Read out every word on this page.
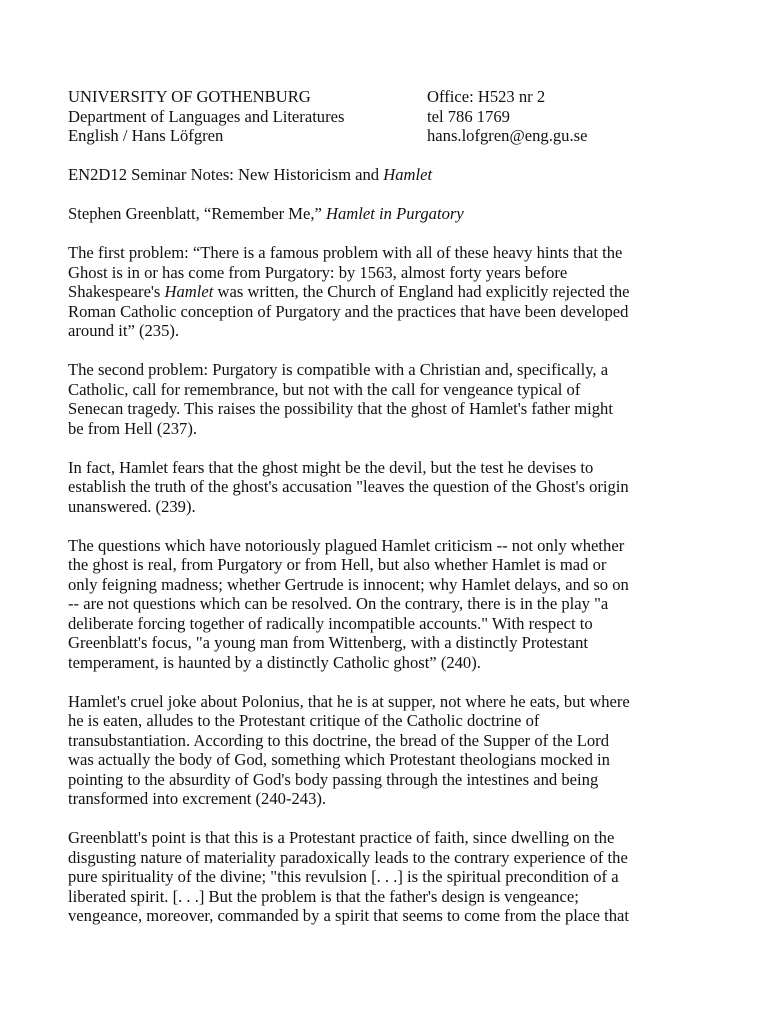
UNIVERSITY OF GOTHENBURG
Department of Languages and Literatures
English / Hans Löfgren
Office: H523 nr 2
tel 786 1769
hans.lofgren@eng.gu.se

EN2D12 Seminar Notes: New Historicism and Hamlet

Stephen Greenblatt, “Remember Me,” Hamlet in Purgatory

The first problem: “There is a famous problem with all of these heavy hints that the
Ghost is in or has come from Purgatory: by 1563, almost forty years before
Shakespeare's Hamlet was written, the Church of England had explicitly rejected the
Roman Catholic conception of Purgatory and the practices that have been developed
around it” (235).

The second problem: Purgatory is compatible with a Christian and, specifically, a
Catholic, call for remembrance, but not with the call for vengeance typical of
Senecan tragedy. This raises the possibility that the ghost of Hamlet's father might
be from Hell (237).

In fact, Hamlet fears that the ghost might be the devil, but the test he devises to
establish the truth of the ghost's accusation "leaves the question of the Ghost's origin
unanswered. (239).

The questions which have notoriously plagued Hamlet criticism -- not only whether
the ghost is real, from Purgatory or from Hell, but also whether Hamlet is mad or
only feigning madness; whether Gertrude is innocent; why Hamlet delays, and so on
-- are not questions which can be resolved. On the contrary, there is in the play "a
deliberate forcing together of radically incompatible accounts." With respect to
Greenblatt's focus, "a young man from Wittenberg, with a distinctly Protestant
temperament, is haunted by a distinctly Catholic ghost” (240).

Hamlet's cruel joke about Polonius, that he is at supper, not where he eats, but where
he is eaten, alludes to the Protestant critique of the Catholic doctrine of
transubstantiation. According to this doctrine, the bread of the Supper of the Lord
was actually the body of God, something which Protestant theologians mocked in
pointing to the absurdity of God's body passing through the intestines and being
transformed into excrement (240-243).

Greenblatt's point is that this is a Protestant practice of faith, since dwelling on the
disgusting nature of materiality paradoxically leads to the contrary experience of the
pure spirituality of the divine; "this revulsion [. . .] is the spiritual precondition of a
liberated spirit. [. . .] But the problem is that the father's design is vengeance;
vengeance, moreover, commanded by a spirit that seems to come from the place that
